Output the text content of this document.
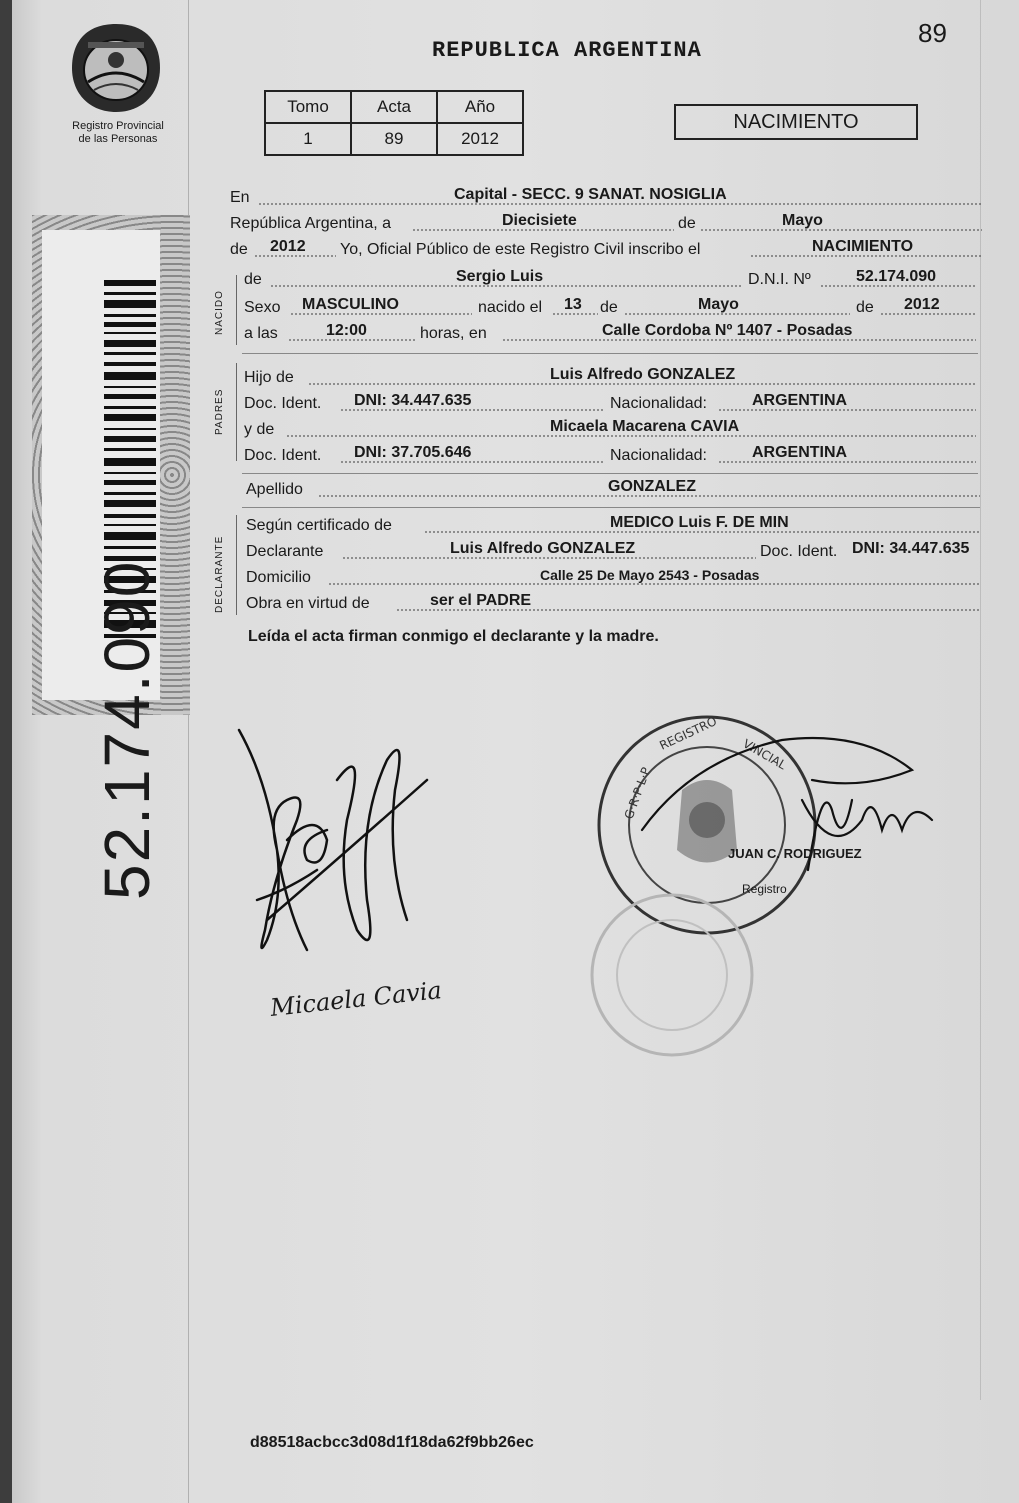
89
REPUBLICA ARGENTINA
Registro Provincial
de las Personas
52.174.090
Tomo	Acta	Año
1	89	2012
NACIMIENTO
En	Capital - SECC. 9 SANAT. NOSIGLIA
República Argentina, a	Diecisiete	de	Mayo
de 2012 Yo, Oficial Público de este Registro Civil inscribo el	NACIMIENTO
NACIDO
de	Sergio Luis	D.N.I. Nº	52.174.090
Sexo MASCULINO	nacido el 13 de	Mayo	de 2012
a las	12:00	horas, en	Calle Cordoba Nº 1407 - Posadas
PADRES
Hijo de	Luis Alfredo GONZALEZ
Doc. Ident. DNI: 34.447.635	Nacionalidad:	ARGENTINA
y de	Micaela Macarena CAVIA
Doc. Ident. DNI: 37.705.646	Nacionalidad:	ARGENTINA
Apellido	GONZALEZ
DECLARANTE
Según certificado de	MEDICO Luis F. DE MIN
Declarante	Luis Alfredo GONZALEZ	Doc. Ident. DNI: 34.447.635
Domicilio	Calle 25 De Mayo 2543 - Posadas
Obra en virtud de	ser el PADRE
Leída el acta firman conmigo el declarante y la madre.
Micaela Cavia
G·R·P·L·P
VINCIAL
REGISTRO
JUAN C. RODRIGUEZ
Registro
d88518acbcc3d08d1f18da62f9bb26ec
